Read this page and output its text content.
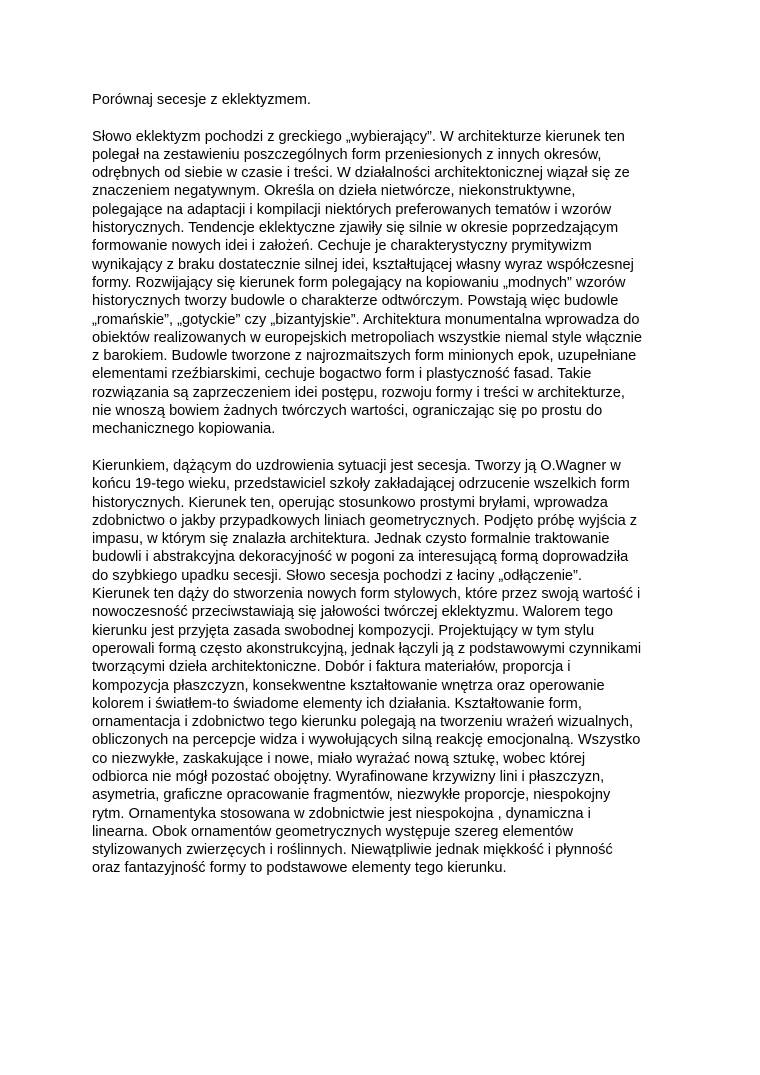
Porównaj secesje z eklektyzmem.
Słowo eklektyzm pochodzi z greckiego „wybierający”. W architekturze kierunek ten
polegał na zestawieniu poszczególnych form przeniesionych z innych okresów,
odrębnych od siebie w czasie i treści. W działalności architektonicznej wiązał się ze
znaczeniem negatywnym. Określa on dzieła nietwórcze, niekonstruktywne,
polegające na adaptacji i kompilacji niektórych preferowanych tematów i wzorów
historycznych. Tendencje eklektyczne zjawiły się silnie w okresie poprzedzającym
formowanie nowych idei i założeń. Cechuje je charakterystyczny prymitywizm
wynikający z braku dostatecznie silnej idei, kształtującej własny wyraz współczesnej
formy. Rozwijający się kierunek form polegający na kopiowaniu „modnych” wzorów
historycznych tworzy budowle o charakterze odtwórczym. Powstają więc budowle
„romańskie”, „gotyckie” czy „bizantyjskie”. Architektura monumentalna wprowadza do
obiektów realizowanych w europejskich metropoliach wszystkie niemal style włącznie
z barokiem. Budowle tworzone z najrozmaitszych form minionych epok, uzupełniane
elementami rzeźbiarskimi, cechuje bogactwo form i plastyczność fasad. Takie
rozwiązania są zaprzeczeniem idei postępu, rozwoju formy i treści w architekturze,
nie wnoszą bowiem żadnych twórczych wartości, ograniczając się po prostu do
mechanicznego kopiowania.
Kierunkiem, dążącym do uzdrowienia sytuacji jest secesja. Tworzy ją O.Wagner w
końcu 19-tego wieku, przedstawiciel szkoły zakładającej odrzucenie wszelkich form
historycznych. Kierunek ten, operując stosunkowo prostymi bryłami, wprowadza
zdobnictwo o jakby przypadkowych liniach geometrycznych. Podjęto próbę wyjścia z
impasu, w którym się znalazła architektura. Jednak czysto formalnie traktowanie
budowli i abstrakcyjna dekoracyjność w pogoni za interesującą formą doprowadziła
do szybkiego upadku secesji. Słowo secesja pochodzi z łaciny „odłączenie”.
Kierunek ten dąży do stworzenia nowych form stylowych, które przez swoją wartość i
nowoczesność przeciwstawiają się jałowości twórczej eklektyzmu. Walorem tego
kierunku jest przyjęta zasada swobodnej kompozycji. Projektujący w tym stylu
operowali formą często akonstrukcyjną, jednak łączyli ją z podstawowymi czynnikami
tworzącymi dzieła architektoniczne. Dobór i faktura materiałów, proporcja i
kompozycja płaszczyzn, konsekwentne kształtowanie wnętrza oraz operowanie
kolorem i światłem-to świadome elementy ich działania. Kształtowanie form,
ornamentacja i zdobnictwo tego kierunku polegają na tworzeniu wrażeń wizualnych,
obliczonych na percepcje widza i wywołujących silną reakcję emocjonalną. Wszystko
co niezwykłe, zaskakujące i nowe, miało wyrażać nową sztukę, wobec której
odbiorca nie mógł pozostać obojętny. Wyrafinowane krzywizny lini i płaszczyzn,
asymetria, graficzne opracowanie fragmentów, niezwykłe proporcje, niespokojny
rytm. Ornamentyka stosowana w zdobnictwie jest niespokojna , dynamiczna i
linearna. Obok ornamentów geometrycznych występuje szereg elementów
stylizowanych zwierzęcych i roślinnych. Niewątpliwie jednak miękkość i płynność
oraz fantazyjność formy to podstawowe elementy tego kierunku.
